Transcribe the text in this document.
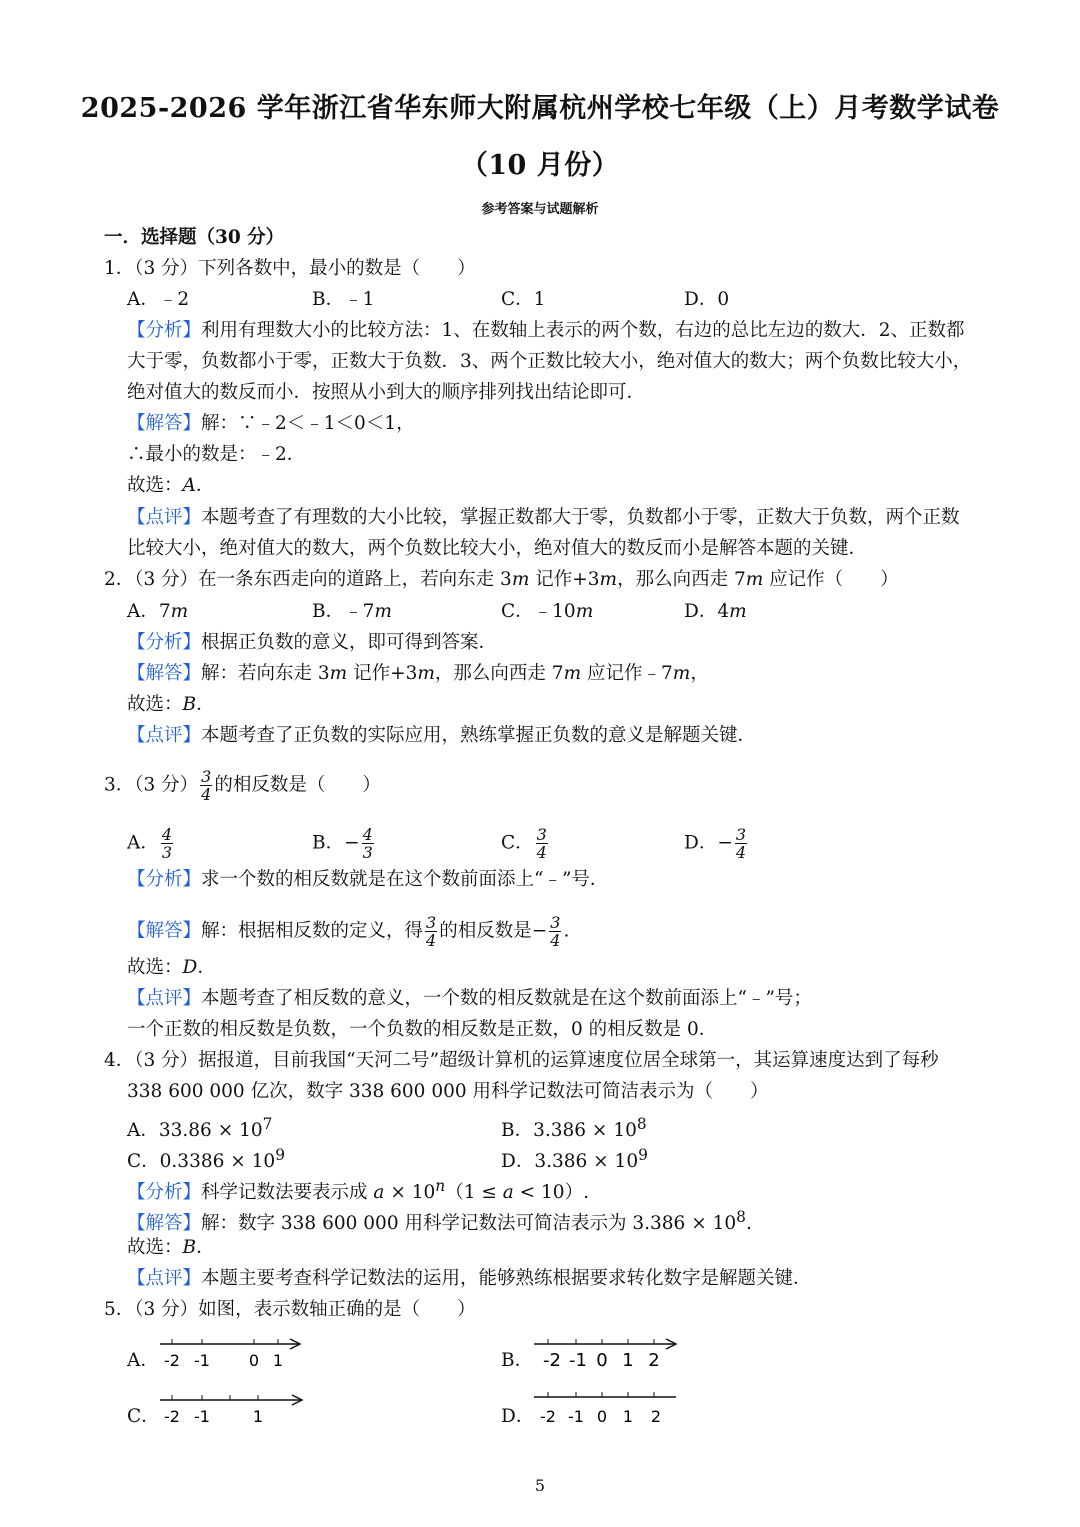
2025-2026 学年浙江省华东师大附属杭州学校七年级（上）月考数学试卷
（10 月份）
参考答案与试题解析
一．选择题（30 分）
1．（3 分）下列各数中，最小的数是（　　）
A．﹣2	B．﹣1	C．1	D．0
【分析】利用有理数大小的比较方法：1、在数轴上表示的两个数，右边的总比左边的数大．2、正数都
大于零，负数都小于零，正数大于负数．3、两个正数比较大小，绝对值大的数大；两个负数比较大小，
绝对值大的数反而小．按照从小到大的顺序排列找出结论即可．
【解答】解：∵﹣2＜﹣1＜0＜1，
∴最小的数是：﹣2．
故选：A．
【点评】本题考查了有理数的大小比较，掌握正数都大于零，负数都小于零，正数大于负数，两个正数
比较大小，绝对值大的数大，两个负数比较大小，绝对值大的数反而小是解答本题的关键．
2．（3 分）在一条东西走向的道路上，若向东走 3m 记作+3m，那么向西走 7m 应记作（　　）
A．7m	B．﹣7m	C．﹣10m	D．4m
【分析】根据正负数的意义，即可得到答案．
【解答】解：若向东走 3m 记作+3m，那么向西走 7m 应记作﹣7m，
故选：B．
【点评】本题考查了正负数的实际应用，熟练掌握正负数的意义是解题关键．
3．（3 分） $\frac{3}{4}$ 的相反数是（　　）
A． $\frac{4}{3}$	B．− $\frac{4}{3}$	C． $\frac{3}{4}$	D．− $\frac{3}{4}$
【分析】求一个数的相反数就是在这个数前面添上“﹣”号．
【解答】解：根据相反数的定义，得 $\frac{3}{4}$ 的相反数是− $\frac{3}{4}$ .
故选：D．
【点评】本题考查了相反数的意义，一个数的相反数就是在这个数前面添上“﹣”号；
一个正数的相反数是负数，一个负数的相反数是正数，0 的相反数是 0．
4．（3 分）据报道，目前我国“天河二号”超级计算机的运算速度位居全球第一，其运算速度达到了每秒
338 600 000 亿次，数字 338 600 000 用科学记数法可简洁表示为（　　）
A．$33.86 \times 10^7$	B．$3.386 \times 10^8$
C．$0.3386 \times 10^9$	D．$3.386 \times 10^9$
【分析】科学记数法要表示成 $a \times 10^n(1 \le a < 10)$.
【解答】解：数字 338 600 000 用科学记数法可简洁表示为 $3.386 \times 10^8$.
故选：B．
【点评】本题主要考查科学记数法的运用，能够熟练根据要求转化数字是解题关键．
5．（3 分）如图，表示数轴正确的是（　　）
A． -2 -1 0 1	B． -2 -1 0 1 2
C． -2 -1	1	D． -2 -1 0 1 2
5
